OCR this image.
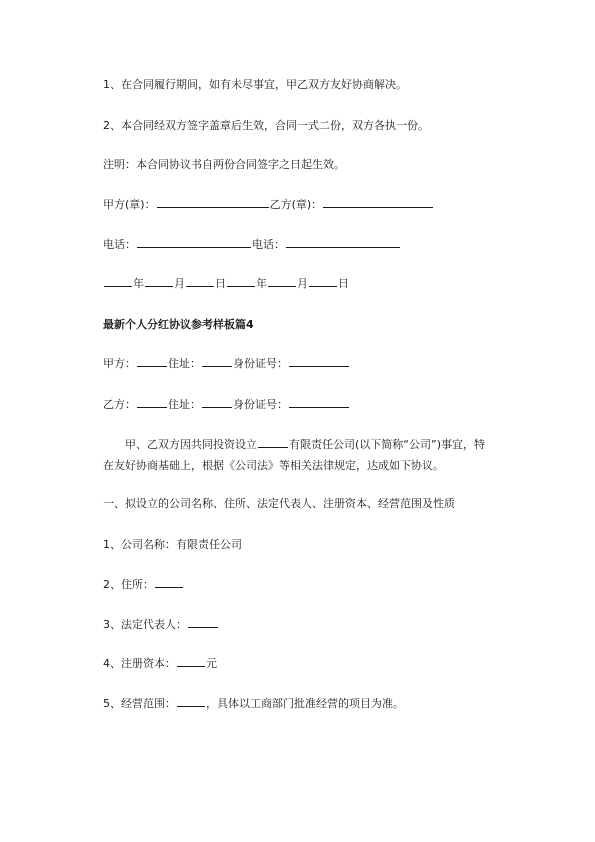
1、在合同履行期间，如有未尽事宜，甲乙双方友好协商解决。
2、本合同经双方签字盖章后生效，合同一式二份，双方各执一份。
注明：本合同协议书自两份合同签字之日起生效。
甲方(章)：	乙方(章)：
电话：	电话：
年	月	日	年	月	日
最新个人分红协议参考样板篇4
甲方：	住址：	身份证号：
乙方：	住址：	身份证号：
甲、乙双方因共同投资设立	有限责任公司(以下简称“公司”)事宜，特在友好协商基础上，根据《公司法》等相关法律规定，达成如下协议。
一、拟设立的公司名称、住所、法定代表人、注册资本、经营范围及性质
1、公司名称：有限责任公司
2、住所：
3、法定代表人：
4、注册资本：	元
5、经营范围：	，具体以工商部门批准经营的项目为准。
